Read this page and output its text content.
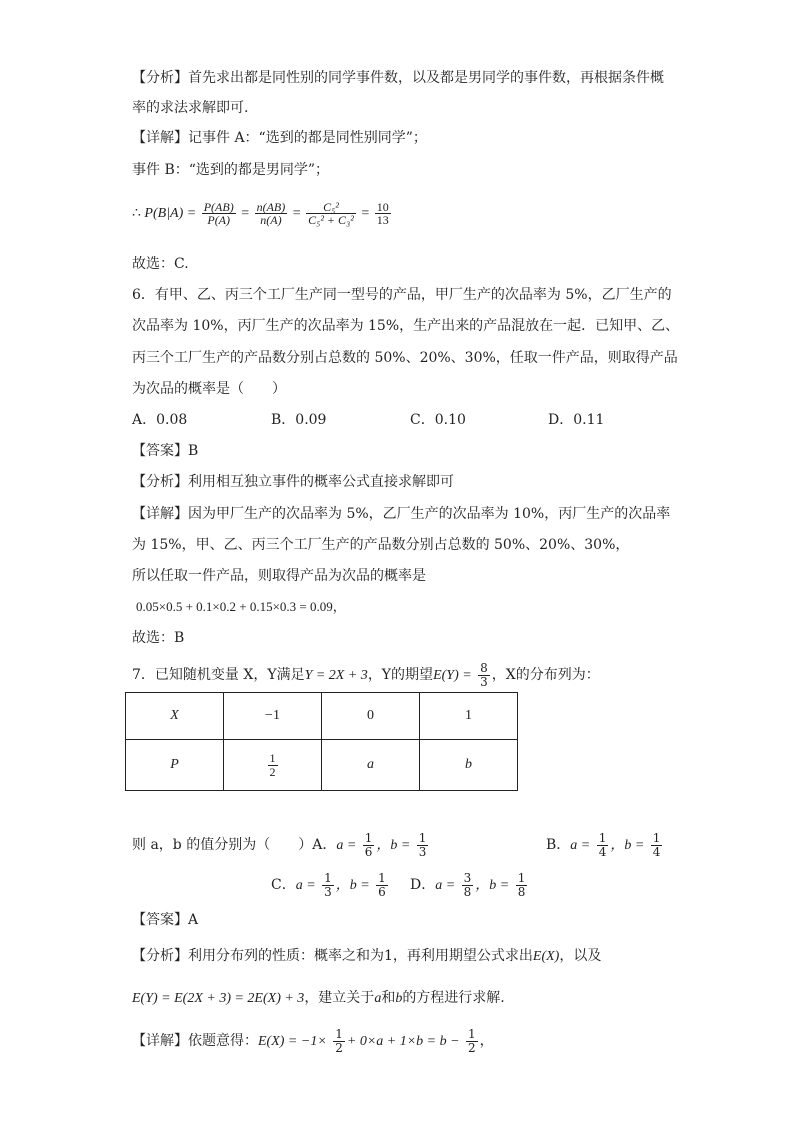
【分析】首先求出都是同性别的同学事件数，以及都是男同学的事件数，再根据条件概
率的求法求解即可.
【详解】记事件 A：“选到的都是同性别同学”；
事件 B：“选到的都是男同学”；
∴ $P(B|A) = \frac{P(AB)}{P(A)} = \frac{n(AB)}{n(A)} = \frac{\text{C₅²}}{\text{C₅² + C₃²}} = \frac{10}{13}$
故选：C.
6．有甲、乙、丙三个工厂生产同一型号的产品，甲厂生产的次品率为 5%，乙厂生产的
次品率为 10%，丙厂生产的次品率为 15%，生产出来的产品混放在一起．已知甲、乙、
丙三个工厂生产的产品数分别占总数的 50%、20%、30%，任取一件产品，则取得产品
为次品的概率是（　　）
A．0.08	B．0.09	C．0.10	D．0.11
【答案】B
【分析】利用相互独立事件的概率公式直接求解即可
【详解】因为甲厂生产的次品率为 5%，乙厂生产的次品率为 10%，丙厂生产的次品率
为 15%，甲、乙、丙三个工厂生产的产品数分别占总数的 50%、20%、30%，
所以任取一件产品，则取得产品为次品的概率是
0.05×0.5 + 0.1×0.2 + 0.15×0.3 = 0.09，
故选：B
7．已知随机变量 X，Y满足Y = 2X + 3，Y的期望$E(Y) = \frac{8}{3}$ ，X的分布列为：
X	−1	0	1
P	$\frac{1}{2}$	a	b
则 a，b 的值分别为（　　）A．$a = \frac{1}{6}$ ，$b = \frac{1}{3}$	B．$a = \frac{1}{4}$ ，$b = \frac{1}{4}$
C．$a = \frac{1}{3}$ ，$b = \frac{1}{6}$ D．$a = \frac{3}{8}$ ，$b = \frac{1}{8}$
【答案】A
【分析】利用分布列的性质：概率之和为1，再利用期望公式求出E(X)，以及
E(Y) = E(2X + 3) = 2E(X) + 3，建立关于a和b的方程进行求解.
【详解】依题意得：$E(X) = -1\times \frac{1}{2} + 0\times a + 1\times b = b - \frac{1}{2}$ ，
